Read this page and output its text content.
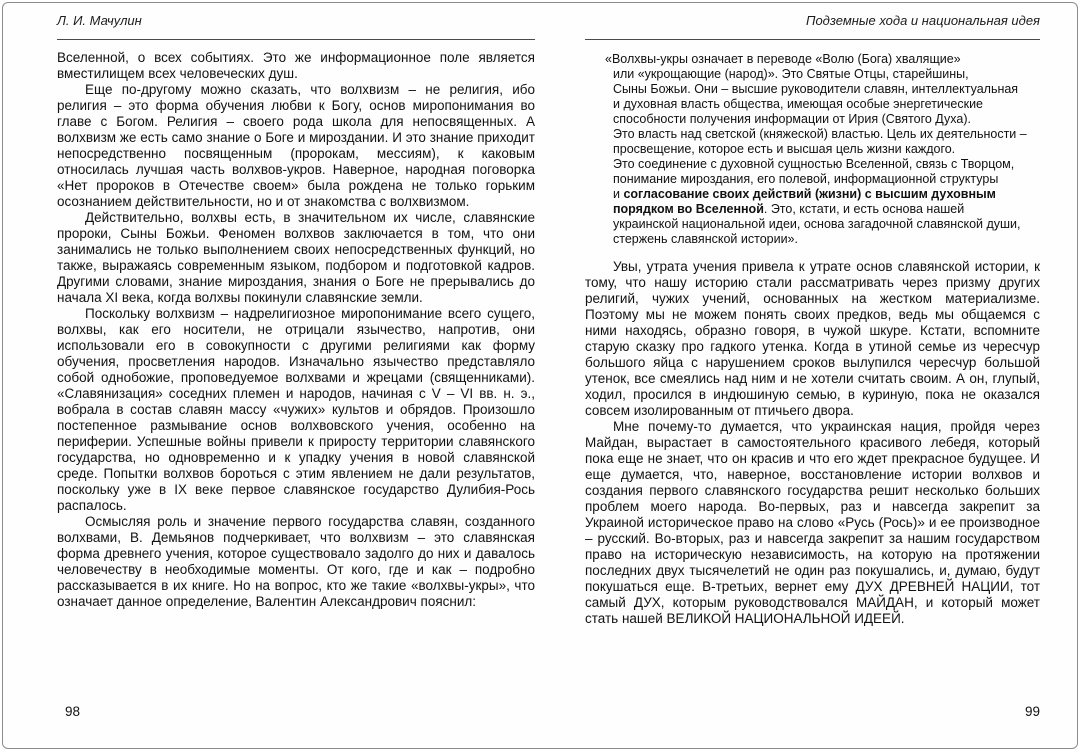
Л. И. Мачулин

Вселенной, о всех событиях. Это же информационное поле является вместилищем всех человеческих душ.

Еще по-другому можно сказать, что волхвизм – не религия, ибо религия – это форма обучения любви к Богу, основ миропонимания во главе с Богом. Религия – своего рода школа для непосвященных. А волхвизм же есть само знание о Боге и мироздании. И это знание приходит непосредственно посвященным (пророкам, мессиям), к каковым относилась лучшая часть волхвов-укров. Наверное, народная поговорка «Нет пророков в Отечестве своем» была рождена не только горьким осознанием действительности, но и от знакомства с волхвизмом.

Действительно, волхвы есть, в значительном их числе, славянские пророки, Сыны Божьи. Феномен волхвов заключается в том, что они занимались не только выполнением своих непосредственных функций, но также, выражаясь современным языком, подбором и подготовкой кадров. Другими словами, знание мироздания, знания о Боге не прерывались до начала XI века, когда волхвы покинули славянские земли.

Поскольку волхвизм – надрелигиозное миропонимание всего сущего, волхвы, как его носители, не отрицали язычество, напротив, они использовали его в совокупности с другими религиями как форму обучения, просветления народов. Изначально язычество представляло собой однобожие, проповедуемое волхвами и жрецами (священниками). «Славянизация» соседних племен и народов, начиная с V – VI вв. н. э., вобрала в состав славян массу «чужих» культов и обрядов. Произошло постепенное размывание основ волхвовского учения, особенно на периферии. Успешные войны привели к приросту территории славянского государства, но одновременно и к упадку учения в новой славянской среде. Попытки волхвов бороться с этим явлением не дали результатов, поскольку уже в IX веке первое славянское государство Дулибия-Рось распалось.

Осмысляя роль и значение первого государства славян, созданного волхвами, В. Демьянов подчеркивает, что волхвизм – это славянская форма древнего учения, которое существовало задолго до них и давалось человечеству в необходимые моменты. От кого, где и как – подробно рассказывается в их книге. Но на вопрос, кто же такие «волхвы-укры», что означает данное определение, Валентин Александрович пояснил:

98
Подземные хода и национальная идея
«Волхвы-укры означает в переводе «Волю (Бога) хвалящие»
или «укрощающие (народ)». Это Святые Отцы, старейшины,
Сыны Божьи. Они – высшие руководители славян, интеллектуальная
и духовная власть общества, имеющая особые энергетические
способности получения информации от Ирия (Святого Духа).
Это власть над светской (княжеской) властью. Цель их деятельности –
просвещение, которое есть и высшая цель жизни каждого.
Это соединение с духовной сущностью Вселенной, связь с Творцом,
понимание мироздания, его полевой, информационной структуры
и согласование своих действий (жизни) с высшим духовным
порядком во Вселенной. Это, кстати, и есть основа нашей
украинской национальной идеи, основа загадочной славянской души,
стержень славянской истории».

Увы, утрата учения привела к утрате основ славянской истории, к тому, что нашу историю стали рассматривать через призму других религий, чужих учений, основанных на жестком материализме. Поэтому мы не можем понять своих предков, ведь мы общаемся с ними находясь, образно говоря, в чужой шкуре. Кстати, вспомните старую сказку про гадкого утенка. Когда в утиной семье из чересчур большого яйца с нарушением сроков вылупился чересчур большой утенок, все смеялись над ним и не хотели считать своим. А он, глупый, ходил, просился в индюшиную семью, в куриную, пока не оказался совсем изолированным от птичьего двора.

Мне почему-то думается, что украинская нация, пройдя через Майдан, вырастает в самостоятельного красивого лебедя, который пока еще не знает, что он красив и что его ждет прекрасное будущее. И еще думается, что, наверное, восстановление истории волхвов и создания первого славянского государства решит несколько больших проблем моего народа. Во-первых, раз и навсегда закрепит за Украиной историческое право на слово «Русь (Рось)» и ее производное – русский. Во-вторых, раз и навсегда закрепит за нашим государством право на историческую независимость, на которую на протяжении последних двух тысячелетий не один раз покушались, и, думаю, будут покушаться еще. В-третьих, вернет ему ДУХ ДРЕВНЕЙ НАЦИИ, тот самый ДУХ, которым руководствовался МАЙДАН, и который может стать нашей ВЕЛИКОЙ НАЦИОНАЛЬНОЙ ИДЕЕЙ.

99
